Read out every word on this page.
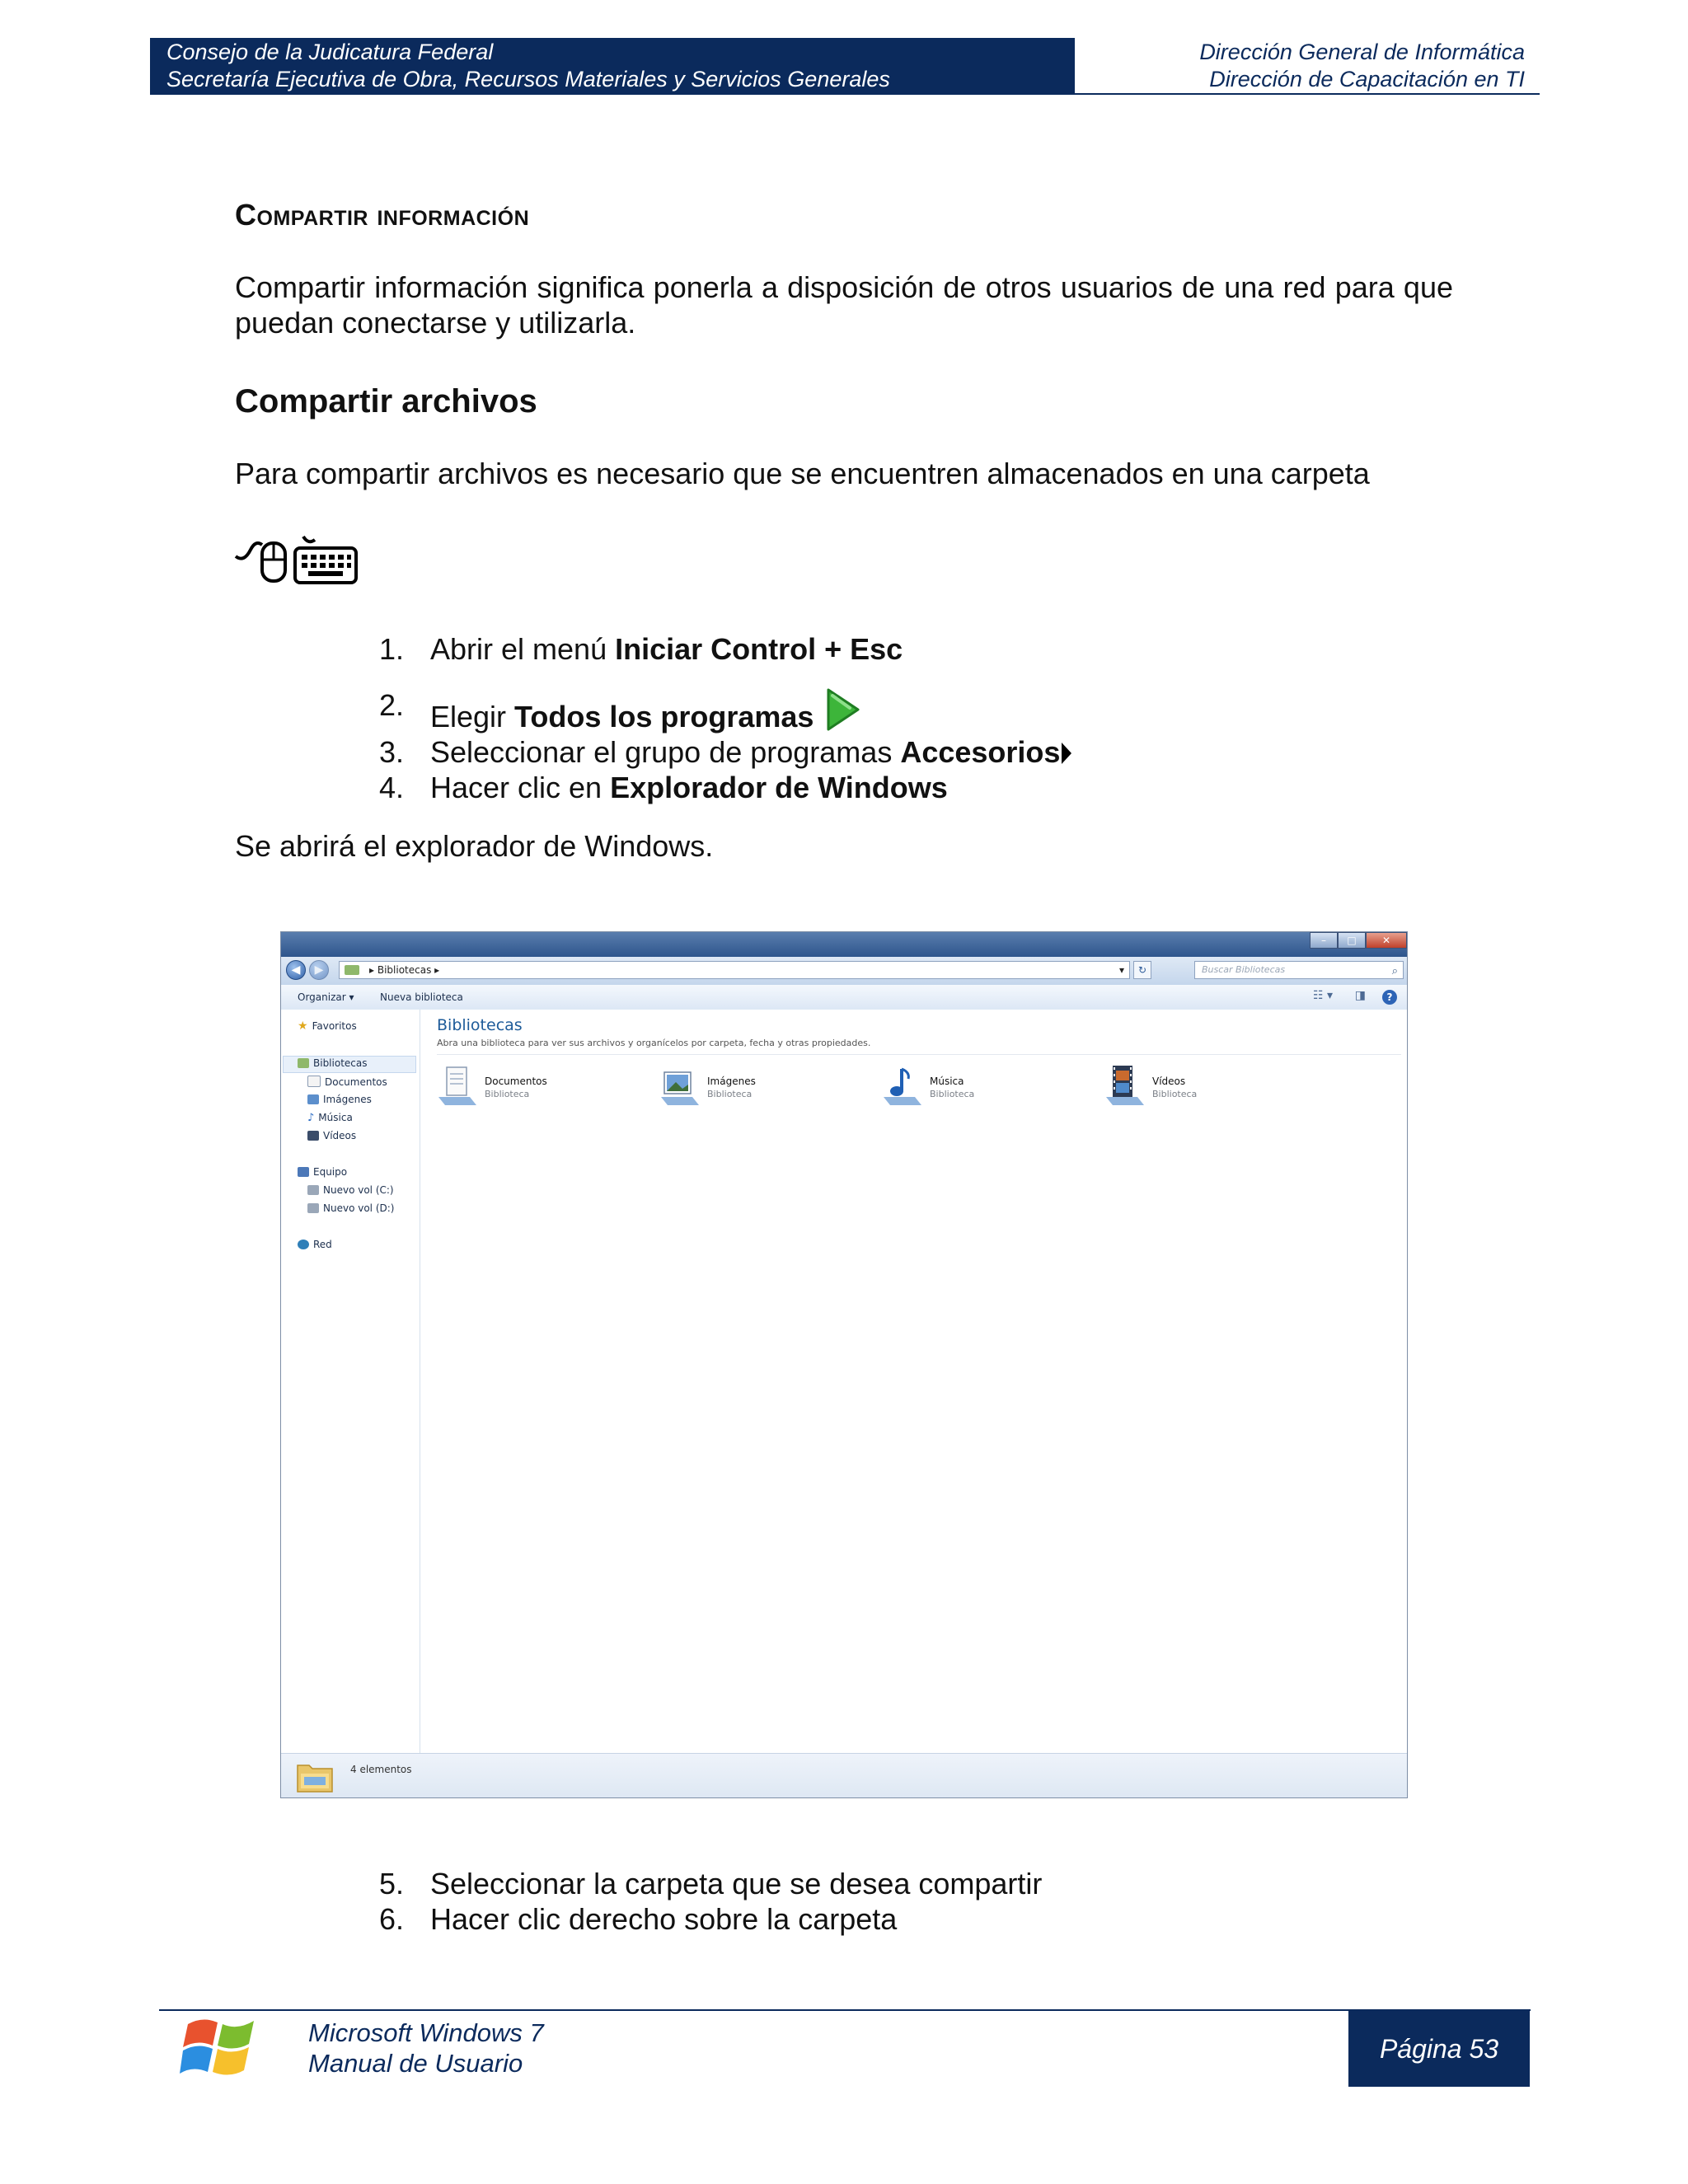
Consejo de la Judicatura Federal
Secretaría Ejecutiva de Obra, Recursos Materiales y Servicios Generales
Dirección General de Informática
Dirección de Capacitación en TI
Compartir información
Compartir información significa ponerla a disposición de otros usuarios de una red para que puedan conectarse y utilizarla.
Compartir archivos
Para compartir archivos es necesario que se encuentren almacenados en una carpeta
1. Abrir el menú Iniciar Control + Esc
2. Elegir Todos los programas
3. Seleccionar el grupo de programas Accesorios
4. Hacer clic en Explorador de Windows
Se abrirá el explorador de Windows.
–	□	✕
◀	▶	▸ Bibliotecas ▸	▾	↻	Buscar Bibliotecas	⌕
Organizar ▾	Nueva biblioteca	☷ ▾ ◨	?
★ Favoritos
Bibliotecas
Documentos
Imágenes
♪ Música
Vídeos
Equipo
Nuevo vol (C:)
Nuevo vol (D:)
Red
Bibliotecas
Abra una biblioteca para ver sus archivos y organícelos por carpeta, fecha y otras propiedades.
Documentos
Biblioteca
Imágenes
Biblioteca
Música
Biblioteca
Vídeos
Biblioteca
4 elementos
5. Seleccionar la carpeta que se desea compartir
6. Hacer clic derecho sobre la carpeta
Microsoft Windows 7
Manual de Usuario	Página 53
